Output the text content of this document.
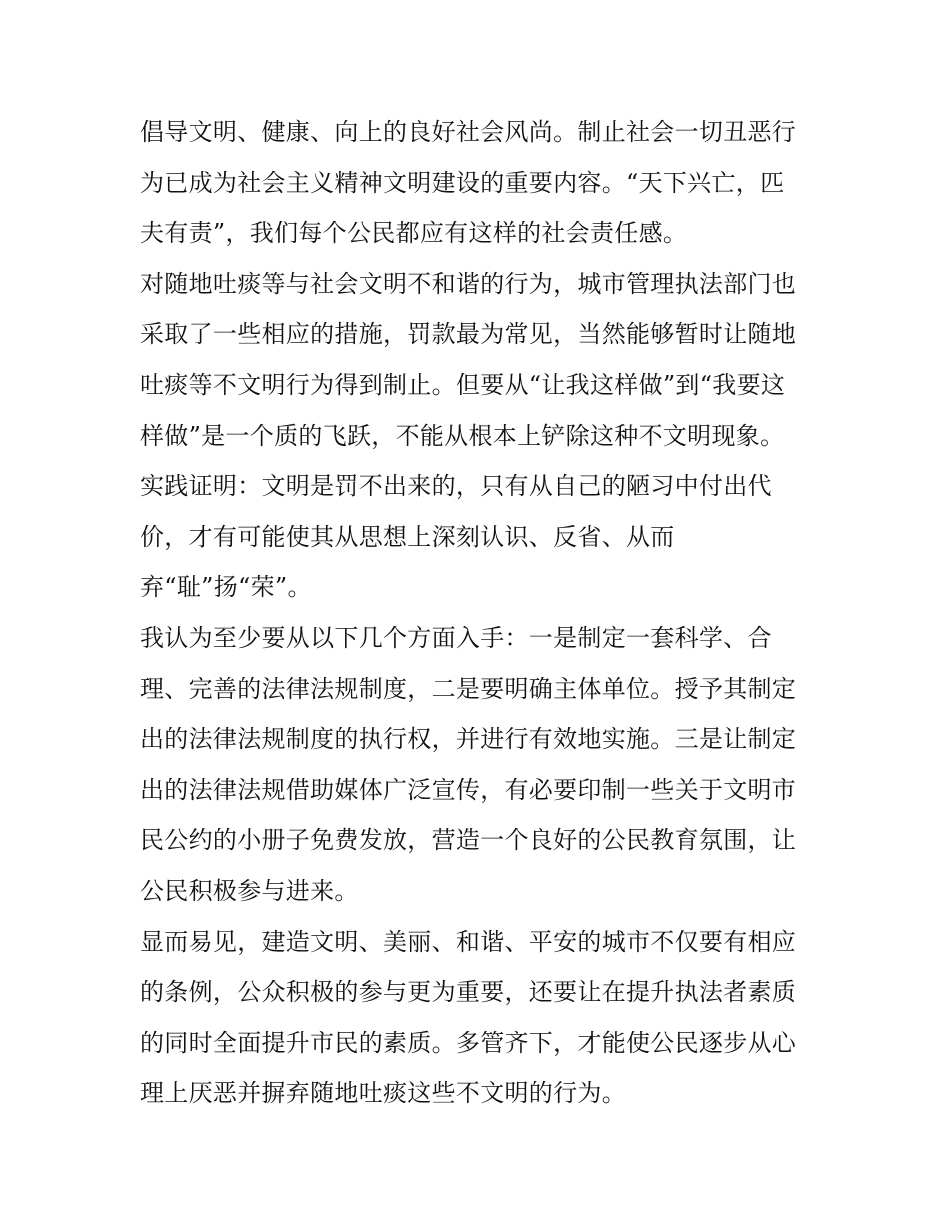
倡导文明、健康、向上的良好社会风尚。制止社会一切丑恶行
为已成为社会主义精神文明建设的重要内容。“天下兴亡，匹
夫有责”，我们每个公民都应有这样的社会责任感。
对随地吐痰等与社会文明不和谐的行为，城市管理执法部门也
采取了一些相应的措施，罚款最为常见，当然能够暂时让随地
吐痰等不文明行为得到制止。但要从“让我这样做”到“我要这
样做”是一个质的飞跃，不能从根本上铲除这种不文明现象。
实践证明：文明是罚不出来的，只有从自己的陋习中付出代
价，才有可能使其从思想上深刻认识、反省、从而
弃“耻”扬“荣”。
我认为至少要从以下几个方面入手：一是制定一套科学、合
理、完善的法律法规制度，二是要明确主体单位。授予其制定
出的法律法规制度的执行权，并进行有效地实施。三是让制定
出的法律法规借助媒体广泛宣传，有必要印制一些关于文明市
民公约的小册子免费发放，营造一个良好的公民教育氛围，让
公民积极参与进来。
显而易见，建造文明、美丽、和谐、平安的城市不仅要有相应
的条例，公众积极的参与更为重要，还要让在提升执法者素质
的同时全面提升市民的素质。多管齐下，才能使公民逐步从心
理上厌恶并摒弃随地吐痰这些不文明的行为。
